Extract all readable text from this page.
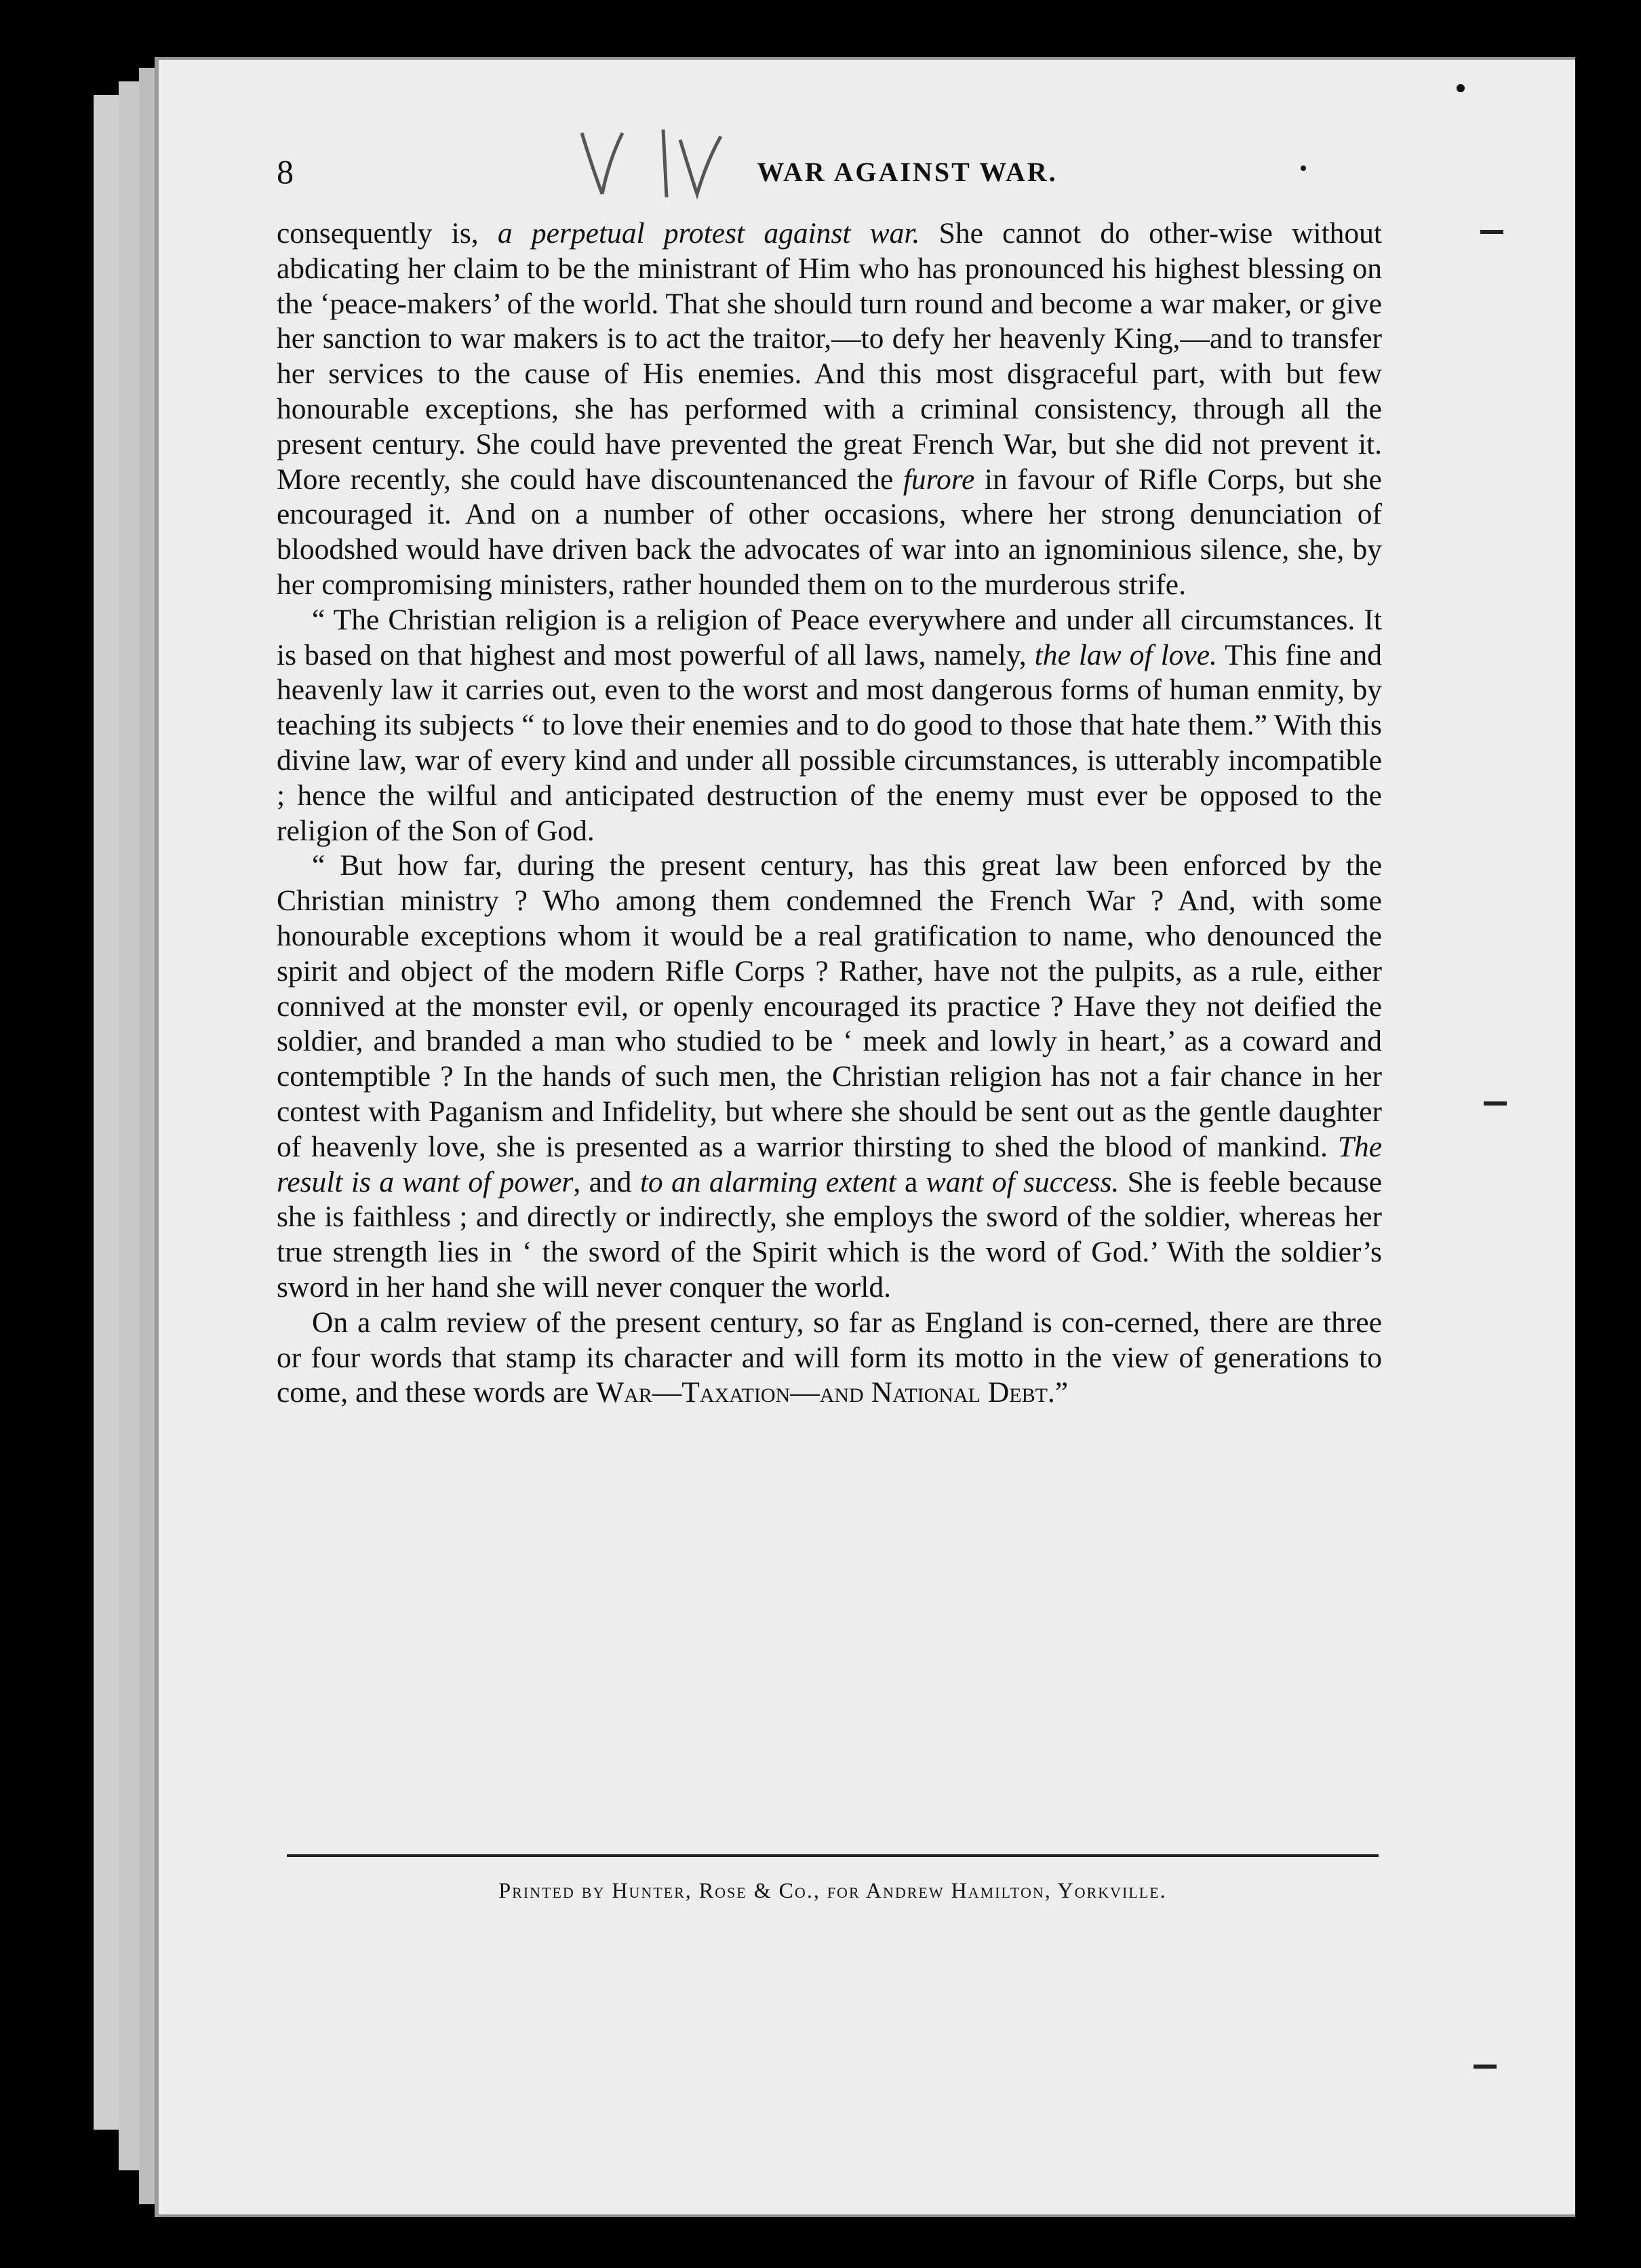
8	WAR AGAINST WAR.

consequently is, a perpetual protest against war. She cannot do other-wise without abdicating her claim to be the ministrant of Him who has pronounced his highest blessing on the ‘peace-makers’ of the world. That she should turn round and become a war maker, or give her sanction to war makers is to act the traitor,—to defy her heavenly King,—and to transfer her services to the cause of His enemies. And this most disgraceful part, with but few honourable exceptions, she has performed with a criminal consistency, through all the present century. She could have prevented the great French War, but she did not prevent it. More recently, she could have discountenanced the furore in favour of Rifle Corps, but she encouraged it. And on a number of other occasions, where her strong denunciation of bloodshed would have driven back the advocates of war into an ignominious silence, she, by her compromising ministers, rather hounded them on to the murderous strife.

“ The Christian religion is a religion of Peace everywhere and under all circumstances. It is based on that highest and most powerful of all laws, namely, the law of love. This fine and heavenly law it carries out, even to the worst and most dangerous forms of human enmity, by teaching its subjects “ to love their enemies and to do good to those that hate them.” With this divine law, war of every kind and under all possible circumstances, is utterably incompatible ; hence the wilful and anticipated destruction of the enemy must ever be opposed to the religion of the Son of God.

“ But how far, during the present century, has this great law been enforced by the Christian ministry ? Who among them condemned the French War ? And, with some honourable exceptions whom it would be a real gratification to name, who denounced the spirit and object of the modern Rifle Corps ? Rather, have not the pulpits, as a rule, either connived at the monster evil, or openly encouraged its practice ? Have they not deified the soldier, and branded a man who studied to be ‘ meek and lowly in heart,’ as a coward and contemptible ? In the hands of such men, the Christian religion has not a fair chance in her contest with Paganism and Infidelity, but where she should be sent out as the gentle daughter of heavenly love, she is presented as a warrior thirsting to shed the blood of mankind. The result is a want of power, and to an alarming extent a want of success. She is feeble because she is faithless ; and directly or indirectly, she employs the sword of the soldier, whereas her true strength lies in ‘ the sword of the Spirit which is the word of God.’ With the soldier’s sword in her hand she will never conquer the world.

On a calm review of the present century, so far as England is con-cerned, there are three or four words that stamp its character and will form its motto in the view of generations to come, and these words are War—Taxation—and National Debt.”

Printed by Hunter, Rose & Co., for Andrew Hamilton, Yorkville.
